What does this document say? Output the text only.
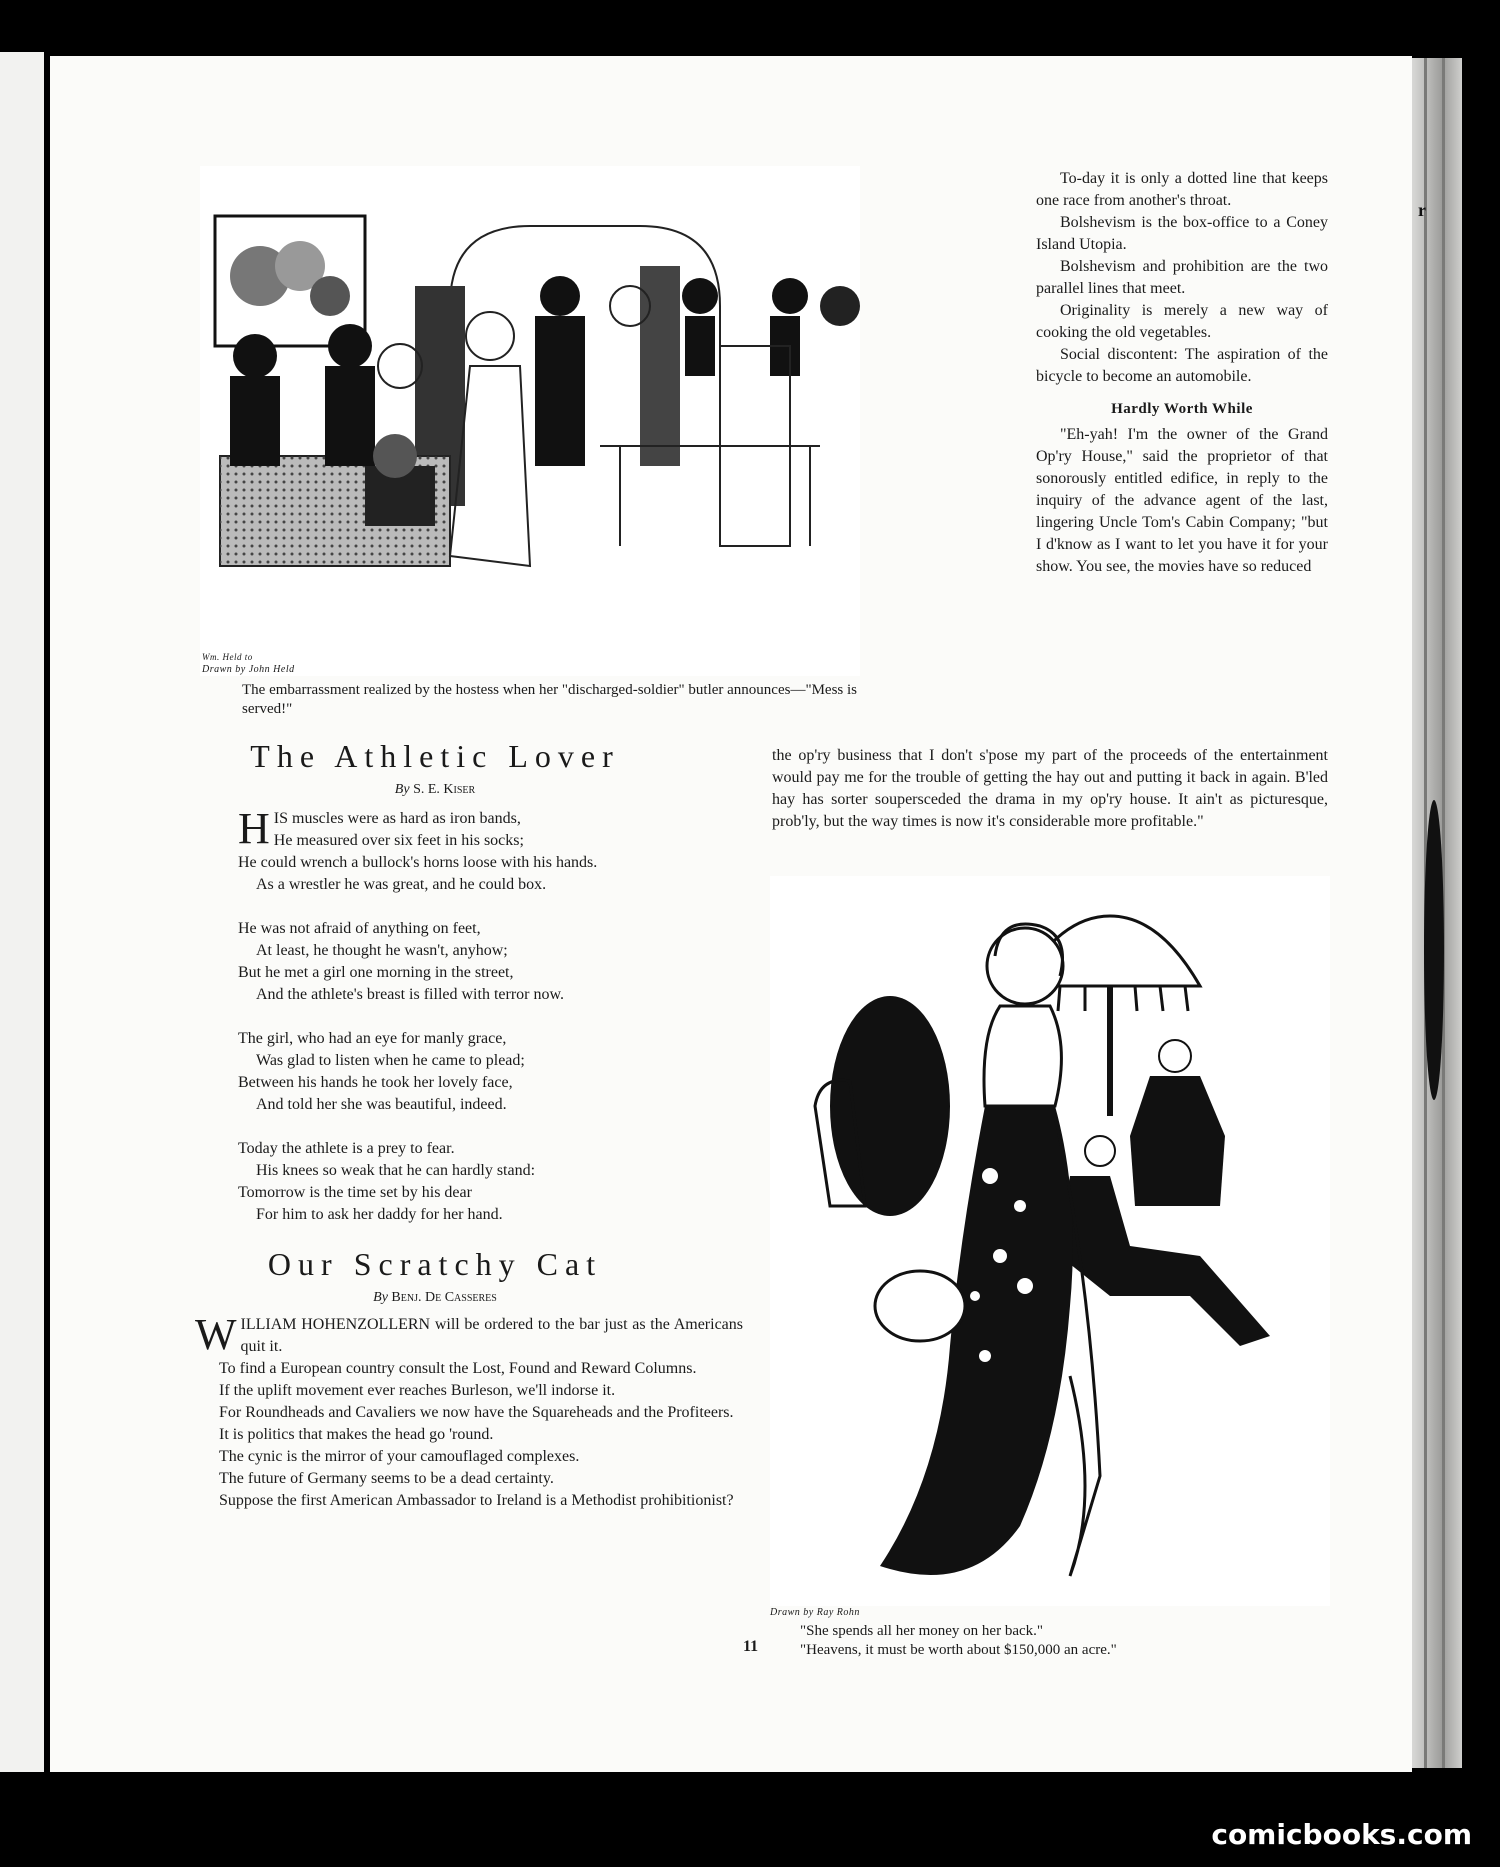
r
Wm. Held to
Drawn by John Held
The embarrassment realized by the hostess when her "discharged-soldier" butler announces—"Mess is served!"

To-day it is only a dotted line that keeps one race from another's throat.

Bolshevism is the box-office to a Coney Island Utopia.

Bolshevism and prohibition are the two parallel lines that meet.

Originality is merely a new way of cooking the old vegetables.

Social discontent: The aspiration of the bicycle to become an automobile.

Hardly Worth While

"Eh-yah! I'm the owner of the Grand Op'ry House," said the proprietor of that sonorously entitled edifice, in reply to the inquiry of the advance agent of the last, lingering Uncle Tom's Cabin Company; "but I d'know as I want to let you have it for your show. You see, the movies have so reduced

the op'ry business that I don't s'pose my part of the proceeds of the entertainment would pay me for the trouble of getting the hay out and putting it back in again. B'led hay has sorter soupersceded the drama in my op'ry house. It ain't as picturesque, prob'ly, but the way times is now it's considerable more profitable."

The Athletic Lover
By S. E. Kiser
H IS muscles were as hard as iron bands,
He measured over six feet in his socks;
He could wrench a bullock's horns loose with his hands.
As a wrestler he was great, and he could box.
He was not afraid of anything on feet,
At least, he thought he wasn't, anyhow;
But he met a girl one morning in the street,
And the athlete's breast is filled with terror now.
The girl, who had an eye for manly grace,
Was glad to listen when he came to plead;
Between his hands he took her lovely face,
And told her she was beautiful, indeed.
Today the athlete is a prey to fear.
His knees so weak that he can hardly stand:
Tomorrow is the time set by his dear
For him to ask her daddy for her hand.
Our Scratchy Cat
By Benj. De Casseres

WILLIAM HOHENZOLLERN will be ordered to the bar just as the Americans quit it.

To find a European country consult the Lost, Found and Reward Columns.

If the uplift movement ever reaches Burleson, we'll indorse it.

For Roundheads and Cavaliers we now have the Squareheads and the Profiteers.

It is politics that makes the head go 'round.

The cynic is the mirror of your camouflaged complexes.

The future of Germany seems to be a dead certainty.

Suppose the first American Ambassador to Ireland is a Methodist prohibitionist?

Drawn by Ray Rohn
"She spends all her money on her back."
"Heavens, it must be worth about $150,000 an acre."
11
comicbooks.com
